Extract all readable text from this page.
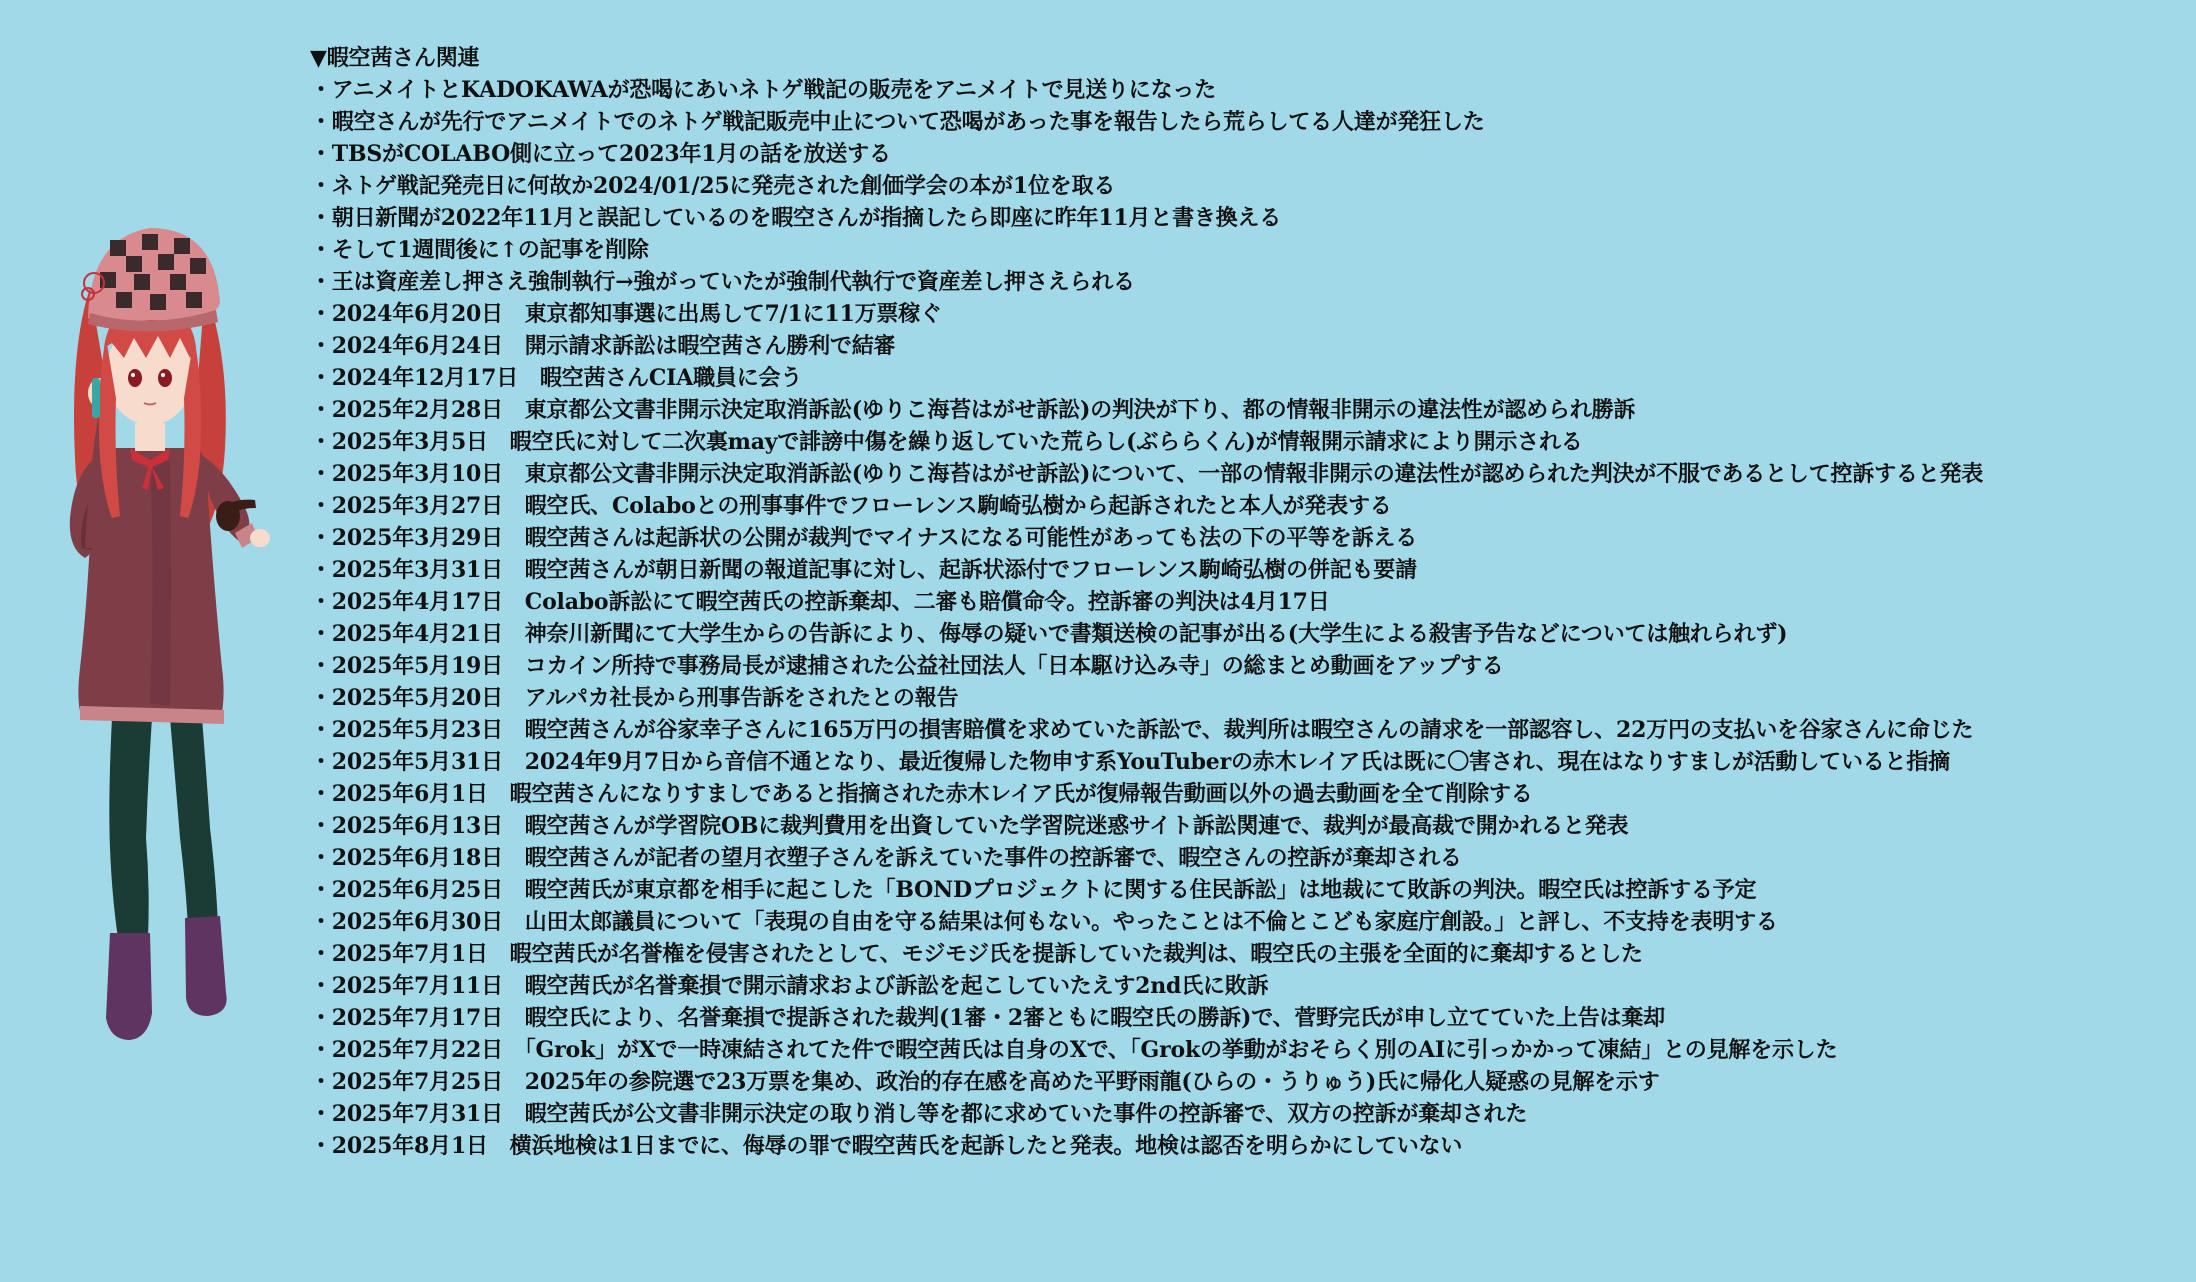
▼暇空茜さん関連
・アニメイトとKADOKAWAが恐喝にあいネトゲ戦記の販売をアニメイトで見送りになった
・暇空さんが先行でアニメイトでのネトゲ戦記販売中止について恐喝があった事を報告したら荒らしてる人達が発狂した
・TBSがCOLABO側に立って2023年1月の話を放送する
・ネトゲ戦記発売日に何故か2024/01/25に発売された創価学会の本が1位を取る
・朝日新聞が2022年11月と誤記しているのを暇空さんが指摘したら即座に昨年11月と書き換える
・そして1週間後に↑の記事を削除
・王は資産差し押さえ強制執行→強がっていたが強制代執行で資産差し押さえられる
・2024年6月20日　東京都知事選に出馬して7/1に11万票稼ぐ
・2024年6月24日　開示請求訴訟は暇空茜さん勝利で結審
・2024年12月17日　暇空茜さんCIA職員に会う
・2025年2月28日　東京都公文書非開示決定取消訴訟(ゆりこ海苔はがせ訴訟)の判決が下り、都の情報非開示の違法性が認められ勝訴
・2025年3月5日　暇空氏に対して二次裏mayで誹謗中傷を繰り返していた荒らし(ぶららくん)が情報開示請求により開示される
・2025年3月10日　東京都公文書非開示決定取消訴訟(ゆりこ海苔はがせ訴訟)について、一部の情報非開示の違法性が認められた判決が不服であるとして控訴すると発表
・2025年3月27日　暇空氏、Colaboとの刑事事件でフローレンス駒崎弘樹から起訴されたと本人が発表する
・2025年3月29日　暇空茜さんは起訴状の公開が裁判でマイナスになる可能性があっても法の下の平等を訴える
・2025年3月31日　暇空茜さんが朝日新聞の報道記事に対し、起訴状添付でフローレンス駒崎弘樹の併記も要請
・2025年4月17日　Colabo訴訟にて暇空茜氏の控訴棄却、二審も賠償命令。控訴審の判決は4月17日
・2025年4月21日　神奈川新聞にて大学生からの告訴により、侮辱の疑いで書類送検の記事が出る(大学生による殺害予告などについては触れられず)
・2025年5月19日　コカイン所持で事務局長が逮捕された公益社団法人「日本駆け込み寺」の総まとめ動画をアップする
・2025年5月20日　アルパカ社長から刑事告訴をされたとの報告
・2025年5月23日　暇空茜さんが谷家幸子さんに165万円の損害賠償を求めていた訴訟で、裁判所は暇空さんの請求を一部認容し、22万円の支払いを谷家さんに命じた
・2025年5月31日　2024年9月7日から音信不通となり、最近復帰した物申す系YouTuberの赤木レイア氏は既に〇害され、現在はなりすましが活動していると指摘
・2025年6月1日　暇空茜さんになりすましであると指摘された赤木レイア氏が復帰報告動画以外の過去動画を全て削除する
・2025年6月13日　暇空茜さんが学習院OBに裁判費用を出資していた学習院迷惑サイト訴訟関連で、裁判が最高裁で開かれると発表
・2025年6月18日　暇空茜さんが記者の望月衣塑子さんを訴えていた事件の控訴審で、暇空さんの控訴が棄却される
・2025年6月25日　暇空茜氏が東京都を相手に起こした「BONDプロジェクトに関する住民訴訟」は地裁にて敗訴の判決。暇空氏は控訴する予定
・2025年6月30日　山田太郎議員について「表現の自由を守る結果は何もない。やったことは不倫とこども家庭庁創設。」と評し、不支持を表明する
・2025年7月1日　暇空茜氏が名誉権を侵害されたとして、モジモジ氏を提訴していた裁判は、暇空氏の主張を全面的に棄却するとした
・2025年7月11日　暇空茜氏が名誉棄損で開示請求および訴訟を起こしていたえす2nd氏に敗訴
・2025年7月17日　暇空氏により、名誉棄損で提訴された裁判(1審・2審ともに暇空氏の勝訴)で、菅野完氏が申し立てていた上告は棄却
・2025年7月22日　「Grok」がXで一時凍結されてた件で暇空茜氏は自身のXで、「Grokの挙動がおそらく別のAIに引っかかって凍結」との見解を示した
・2025年7月25日　2025年の参院選で23万票を集め、政治的存在感を高めた平野雨龍(ひらの・うりゅう)氏に帰化人疑惑の見解を示す
・2025年7月31日　暇空茜氏が公文書非開示決定の取り消し等を都に求めていた事件の控訴審で、双方の控訴が棄却された
・2025年8月1日　横浜地検は1日までに、侮辱の罪で暇空茜氏を起訴したと発表。地検は認否を明らかにしていない
